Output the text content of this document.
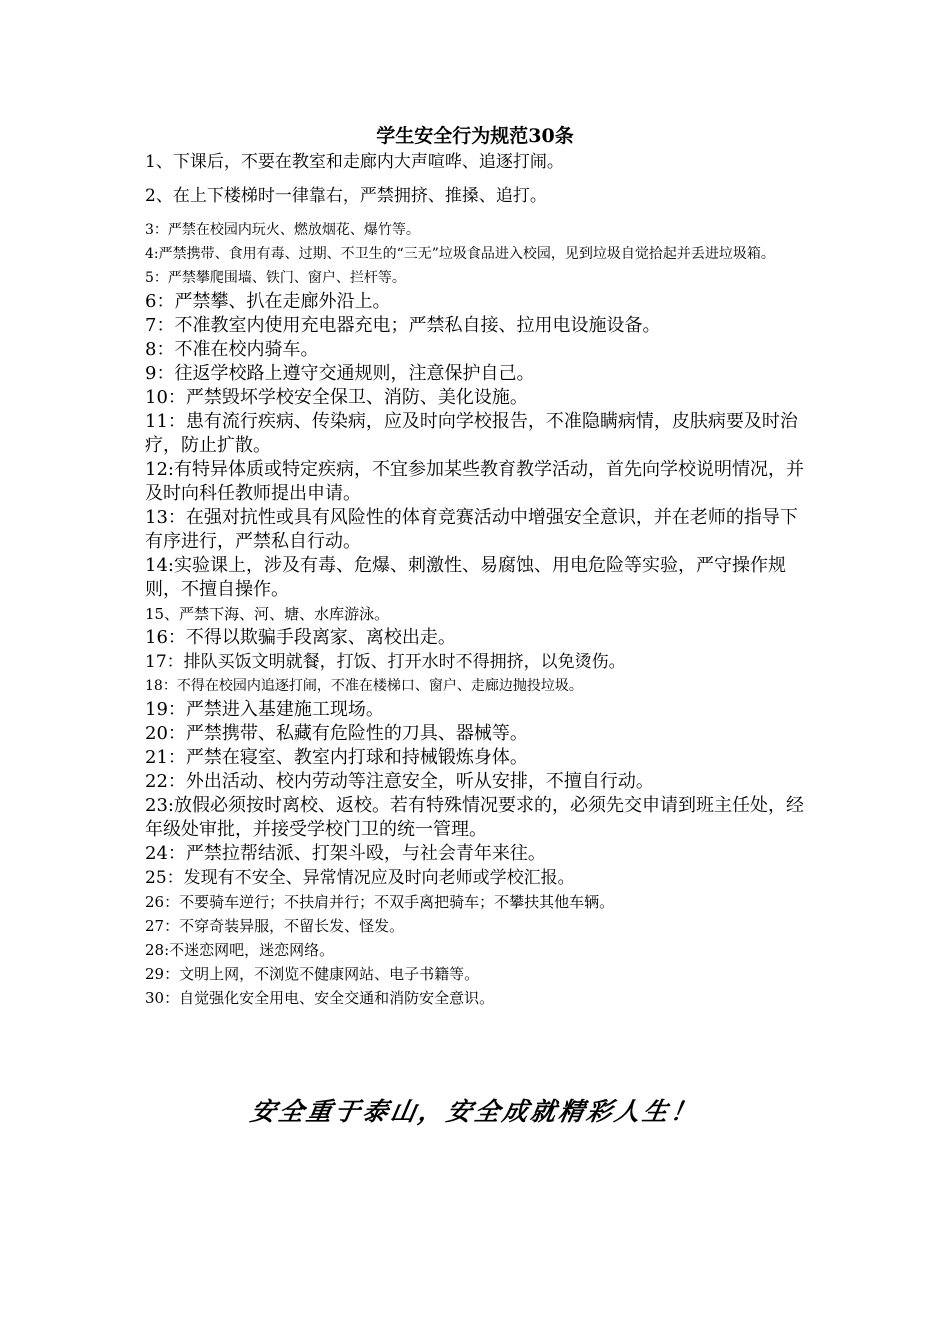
学生安全行为规范30条

1、下课后，不要在教室和走廊内大声喧哗、追逐打闹。

2、在上下楼梯时一律靠右，严禁拥挤、推搡、追打。

3：严禁在校园内玩火、燃放烟花、爆竹等。

4:严禁携带、食用有毒、过期、不卫生的“三无”垃圾食品进入校园，见到垃圾自觉拾起并丢进垃圾箱。

5：严禁攀爬围墙、铁门、窗户、拦杆等。

6：严禁攀、扒在走廊外沿上。

7：不准教室内使用充电器充电；严禁私自接、拉用电设施设备。

8：不准在校内骑车。

9：往返学校路上遵守交通规则，注意保护自己。

10：严禁毁坏学校安全保卫、消防、美化设施。

11：患有流行疾病、传染病，应及时向学校报告，不准隐瞒病情，皮肤病要及时治疗，防止扩散。

12:有特异体质或特定疾病，不宜参加某些教育教学活动，首先向学校说明情况，并及时向科任教师提出申请。

13：在强对抗性或具有风险性的体育竞赛活动中增强安全意识，并在老师的指导下有序进行，严禁私自行动。

14:实验课上，涉及有毒、危爆、刺激性、易腐蚀、用电危险等实验，严守操作规则，不擅自操作。

15、严禁下海、河、塘、水库游泳。

16：不得以欺骗手段离家、离校出走。

17：排队买饭文明就餐，打饭、打开水时不得拥挤，以免烫伤。

18：不得在校园内追逐打闹，不准在楼梯口、窗户、走廊边抛投垃圾。

19：严禁进入基建施工现场。

20：严禁携带、私藏有危险性的刀具、器械等。

21：严禁在寝室、教室内打球和持械锻炼身体。

22：外出活动、校内劳动等注意安全，听从安排，不擅自行动。

23:放假必须按时离校、返校。若有特殊情况要求的，必须先交申请到班主任处，经年级处审批，并接受学校门卫的统一管理。

24：严禁拉帮结派、打架斗殴，与社会青年来往。

25：发现有不安全、异常情况应及时向老师或学校汇报。

26：不要骑车逆行；不扶肩并行；不双手离把骑车；不攀扶其他车辆。

27：不穿奇装异服，不留长发、怪发。

28:不迷恋网吧，迷恋网络。

29：文明上网，不浏览不健康网站、电子书籍等。

30：自觉强化安全用电、安全交通和消防安全意识。

安全重于泰山，安全成就精彩人生！
